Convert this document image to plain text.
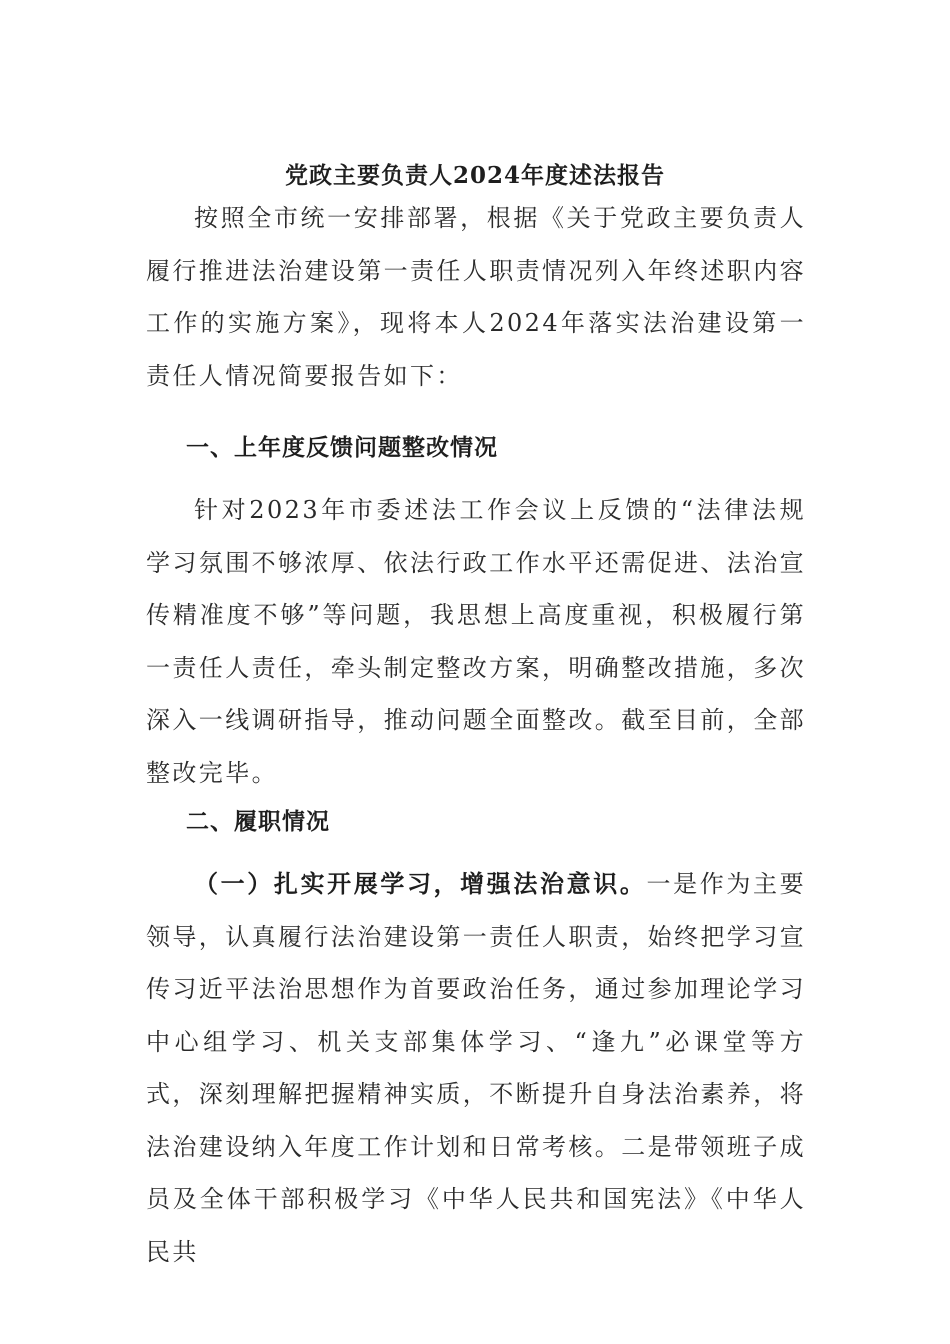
党政主要负责人2024年度述法报告

按照全市统一安排部署，根据《关于党政主要负责人履行推进法治建设第一责任人职责情况列入年终述职内容工作的实施方案》，现将本人2024年落实法治建设第一责任人情况简要报告如下：

一、上年度反馈问题整改情况

针对2023年市委述法工作会议上反馈的“法律法规学习氛围不够浓厚、依法行政工作水平还需促进、法治宣传精准度不够”等问题，我思想上高度重视，积极履行第一责任人责任，牵头制定整改方案，明确整改措施，多次深入一线调研指导，推动问题全面整改。截至目前，全部整改完毕。

二、履职情况

（一）扎实开展学习，增强法治意识。一是作为主要领导，认真履行法治建设第一责任人职责，始终把学习宣传习近平法治思想作为首要政治任务，通过参加理论学习中心组学习、机关支部集体学习、“逢九”必课堂等方式，深刻理解把握精神实质，不断提升自身法治素养，将法治建设纳入年度工作计划和日常考核。二是带领班子成员及全体干部积极学习《中华人民共和国宪法》《中华人民共
